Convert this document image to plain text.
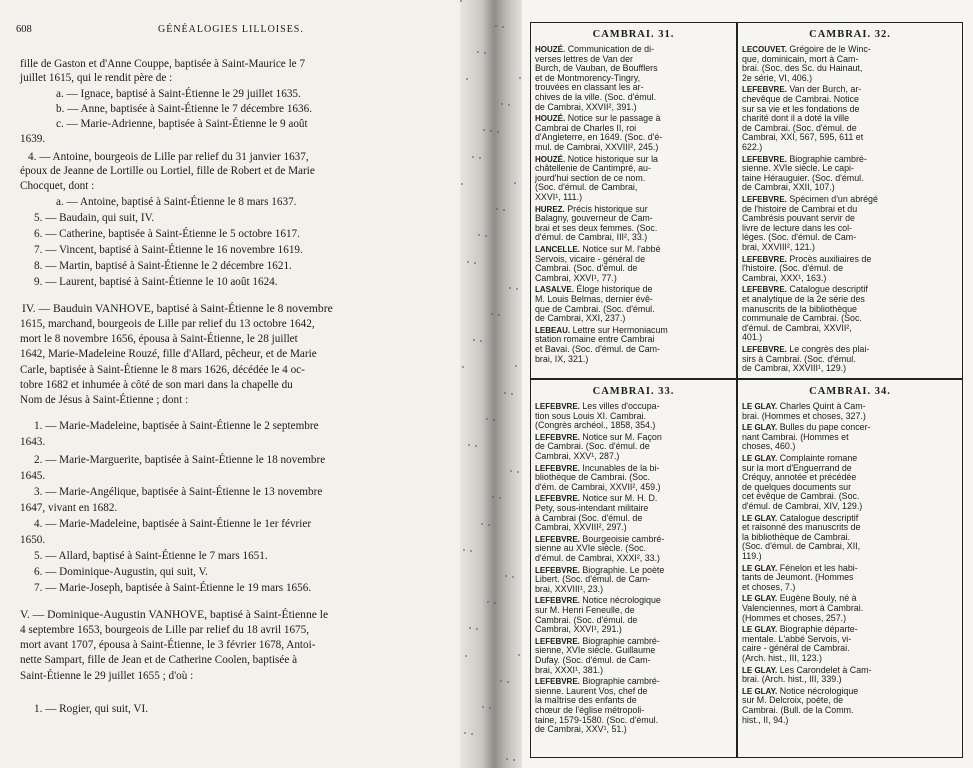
608	GÉNÉALOGIES LILLOISES.
fille de Gaston et d'Anne Couppe, baptisée à Saint-Maurice le 7
juillet 1615, qui le rendit père de :
a. — Ignace, baptisé à Saint-Étienne le 29 juillet 1635.
b. — Anne, baptisée à Saint-Étienne le 7 décembre 1636.
c. — Marie-Adrienne, baptisée à Saint-Étienne le 9 août
1639.
4. — Antoine, bourgeois de Lille par relief du 31 janvier 1637,
époux de Jeanne de Lortille ou Lortiel, fille de Robert et de Marie
Chocquet, dont :
a. — Antoine, baptisé à Saint-Étienne le 8 mars 1637.
5. — Baudain, qui suit, IV.
6. — Catherine, baptisée à Saint-Étienne le 5 octobre 1617.
7. — Vincent, baptisé à Saint-Étienne le 16 novembre 1619.
8. — Martin, baptisé à Saint-Étienne le 2 décembre 1621.
9. — Laurent, baptisé à Saint-Étienne le 10 août 1624.
IV. — Bauduin VANHOVE, baptisé à Saint-Étienne le 8 novembre
1615, marchand, bourgeois de Lille par relief du 13 octobre 1642,
mort le 8 novembre 1656, épousa à Saint-Étienne, le 28 juillet
1642, Marie-Madeleine Rouzé, fille d'Allard, pêcheur, et de Marie
Carle, baptisée à Saint-Étienne le 8 mars 1626, décédée le 4 oc-
tobre 1682 et inhumée à côté de son mari dans la chapelle du
Nom de Jésus à Saint-Étienne ; dont :
1. — Marie-Madeleine, baptisée à Saint-Étienne le 2 septembre
1643.
2. — Marie-Marguerite, baptisée à Saint-Étienne le 18 novembre
1645.
3. — Marie-Angélique, baptisée à Saint-Étienne le 13 novembre
1647, vivant en 1682.
4. — Marie-Madeleine, baptisée à Saint-Étienne le 1er février
1650.
5. — Allard, baptisé à Saint-Étienne le 7 mars 1651.
6. — Dominique-Augustin, qui suit, V.
7. — Marie-Joseph, baptisée à Saint-Étienne le 19 mars 1656.
V. — Dominique-Augustin VANHOVE, baptisé à Saint-Étienne le
4 septembre 1653, bourgeois de Lille par relief du 18 avril 1675,
mort avant 1707, épousa à Saint-Étienne, le 3 février 1678, Antoi-
nette Sampart, fille de Jean et de Catherine Coolen, baptisée à
Saint-Étienne le 29 juillet 1655 ; d'où :
1. — Rogier, qui suit, VI.
CAMBRAI. 31.
HOUZÉ. Communication de di-
verses lettres de Van der
Burch, de Vauban, de Boufflers
et de Montmorency-Tingry,
trouvées en classant les ar-
chives de la ville. (Soc. d'émul.
de Cambrai, XXVII², 391.)
HOUZÉ. Notice sur le passage à
Cambrai de Charles II, roi
d'Angleterre, en 1649. (Soc. d'é-
mul. de Cambrai, XXVIII², 245.)
HOUZÉ. Notice historique sur la
châtellenie de Cantimpré, au-
jourd'hui section de ce nom.
(Soc. d'émul. de Cambrai,
XXVI¹, 111.)
HUREZ. Précis historique sur
Balagny, gouverneur de Cam-
brai et ses deux femmes. (Soc.
d'émul. de Cambrai, III², 33.)
LANCELLE. Notice sur M. l'abbé
Servois, vicaire - général de
Cambrai. (Soc. d'émul. de
Cambrai, XXVI¹, 77.)
LASALVE. Éloge historique de
M. Louis Belmas, dernier évê-
que de Cambrai. (Soc. d'émul.
de Cambrai, XXI, 237.)
LEBEAU. Lettre sur Hermoniacum
station romaine entre Cambrai
et Bavai. (Soc. d'émul. de Cam-
brai, IX, 321.)
CAMBRAI. 32.
LECOUVET. Grégoire de le Winc-
que, dominicain, mort à Cam-
brai. (Soc. des Sc. du Hainaut,
2e série, VI, 406.)
LEFEBVRE. Van der Burch, ar-
chevêque de Cambrai. Notice
sur sa vie et les fondations de
charité dont il a doté la ville
de Cambrai. (Soc. d'émul. de
Cambrai, XXI, 567, 595, 611 et
622.)
LEFEBVRE. Biographie cambré-
sienne. XVIe siècle. Le capi-
taine Hérauguier. (Soc. d'émul.
de Cambrai, XXII, 107.)
LEFEBVRE. Spécimen d'un abrégé
de l'histoire de Cambrai et du
Cambrésis pouvant servir de
livre de lecture dans les col-
lèges. (Soc. d'émul. de Cam-
brai, XXVIII², 121.)
LEFEBVRE. Procès auxiliaires de
l'histoire. (Soc. d'émul. de
Cambrai, XXX¹, 163.)
LEFEBVRE. Catalogue descriptif
et analytique de la 2e série des
manuscrits de la bibliothèque
communale de Cambrai. (Soc.
d'émul. de Cambrai, XXVII²,
401.)
LEFEBVRE. Le congrès des plai-
sirs à Cambrai. (Soc. d'émul.
de Cambrai, XXVIII¹, 129.)
CAMBRAI. 33.
LEFEBVRE. Les villes d'occupa-
tion sous Louis XI. Cambrai.
(Congrès archéol., 1858, 354.)
LEFEBVRE. Notice sur M. Façon
de Cambrai. (Soc. d'émul. de
Cambrai, XXV¹, 287.)
LEFEBVRE. Incunables de la bi-
bliothèque de Cambrai. (Soc.
d'ém. de Cambrai, XXVII², 459.)
LEFEBVRE. Notice sur M. H. D.
Pety, sous-intendant militaire
à Cambrai (Soc. d'émul. de
Cambrai, XXVIII², 297.)
LEFEBVRE. Bourgeoisie cambré-
sienne au XVIe siècle. (Soc.
d'émul. de Cambrai, XXXI², 33.)
LEFEBVRE. Biographie. Le poète
Libert. (Soc. d'émul. de Cam-
brai, XXVIII¹, 23.)
LEFEBVRE. Notice nécrologique
sur M. Henri Feneulle, de
Cambrai. (Soc. d'émul. de
Cambrai, XXVI¹, 291.)
LEFEBVRE. Biographie cambré-
sienne, XVIe siècle. Guillaume
Dufay. (Soc. d'émul. de Cam-
brai, XXXI¹, 381.)
LEFEBVRE. Biographie cambré-
sienne. Laurent Vos, chef de
la maîtrise des enfants de
chœur de l'église métropoli-
taine, 1579-1580. (Soc. d'émul.
de Cambrai, XXV¹, 51.)
CAMBRAI. 34.
LE GLAY. Charles Quint à Cam-
brai. (Hommes et choses, 327.)
LE GLAY. Bulles du pape concer-
nant Cambrai. (Hommes et
choses, 460.)
LE GLAY. Complainte romane
sur la mort d'Enguerrand de
Créquy, annotée et précédée
de quelques documents sur
cet évêque de Cambrai. (Soc.
d'émul. de Cambrai, XIV, 129.)
LE GLAY. Catalogue descriptif
et raisonné des manuscrits de
la bibliothèque de Cambrai.
(Soc. d'émul. de Cambrai, XII,
119.)
LE GLAY. Fénelon et les habi-
tants de Jeumont. (Hommes
et choses, 7.)
LE GLAY. Eugène Bouly, né à
Valenciennes, mort à Cambrai.
(Hommes et choses, 257.)
LE GLAY. Biographie départe-
mentale. L'abbé Servois, vi-
caire - général de Cambrai.
(Arch. hist., III, 123.)
LE GLAY. Les Carondelet à Cam-
brai. (Arch. hist., III, 339.)
LE GLAY. Notice nécrologique
sur M. Delcroix, poète, de
Cambrai. (Bull. de la Comm.
hist., II, 94.)
